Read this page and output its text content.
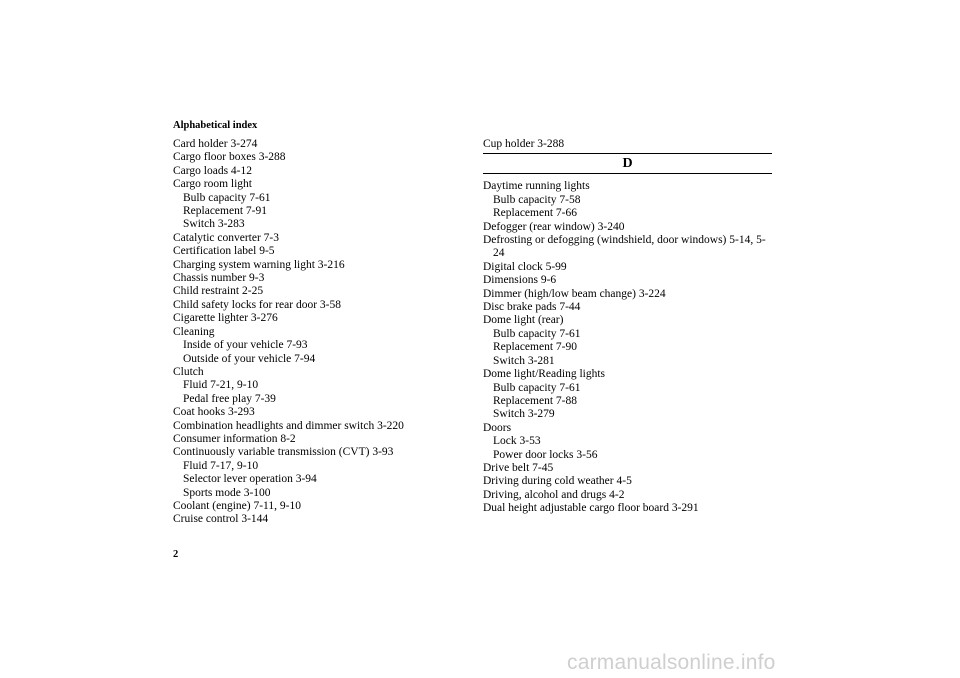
Alphabetical index
Card holder 3-274
Cargo floor boxes 3-288
Cargo loads 4-12
Cargo room light
Bulb capacity 7-61
Replacement 7-91
Switch 3-283
Catalytic converter 7-3
Certification label 9-5
Charging system warning light 3-216
Chassis number 9-3
Child restraint 2-25
Child safety locks for rear door 3-58
Cigarette lighter 3-276
Cleaning
Inside of your vehicle 7-93
Outside of your vehicle 7-94
Clutch
Fluid 7-21, 9-10
Pedal free play 7-39
Coat hooks 3-293
Combination headlights and dimmer switch 3-220
Consumer information 8-2
Continuously variable transmission (CVT) 3-93
Fluid 7-17, 9-10
Selector lever operation 3-94
Sports mode 3-100
Coolant (engine) 7-11, 9-10
Cruise control 3-144
Cup holder 3-288
D
Daytime running lights
Bulb capacity 7-58
Replacement 7-66
Defogger (rear window) 3-240
Defrosting or defogging (windshield, door windows) 5-14, 5-24
Digital clock 5-99
Dimensions 9-6
Dimmer (high/low beam change) 3-224
Disc brake pads 7-44
Dome light (rear)
Bulb capacity 7-61
Replacement 7-90
Switch 3-281
Dome light/Reading lights
Bulb capacity 7-61
Replacement 7-88
Switch 3-279
Doors
Lock 3-53
Power door locks 3-56
Drive belt 7-45
Driving during cold weather 4-5
Driving, alcohol and drugs 4-2
Dual height adjustable cargo floor board 3-291
2
carmanualsonline.info
